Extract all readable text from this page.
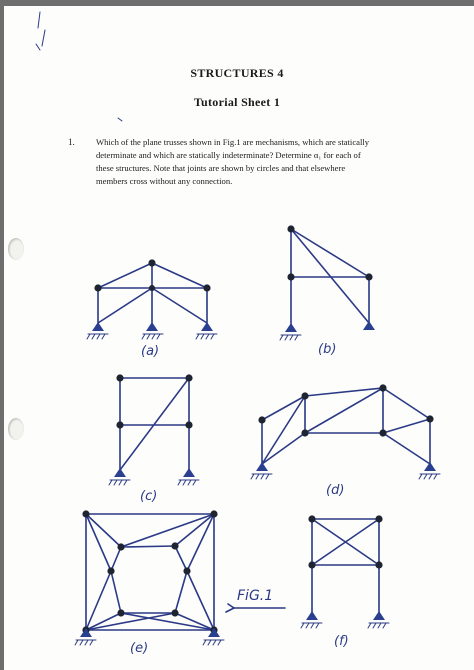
STRUCTURES 4
Tutorial Sheet 1
1. Which of the plane trusses shown in Fig.1 are mechanisms, which are statically
determinate and which are statically indeterminate? Determine α₁ for each of
these structures. Note that joints are shown by circles and that elsewhere
members cross without any connection.
(a)	(b)
(c)	(d)
(e)	(f)
FiG.1
